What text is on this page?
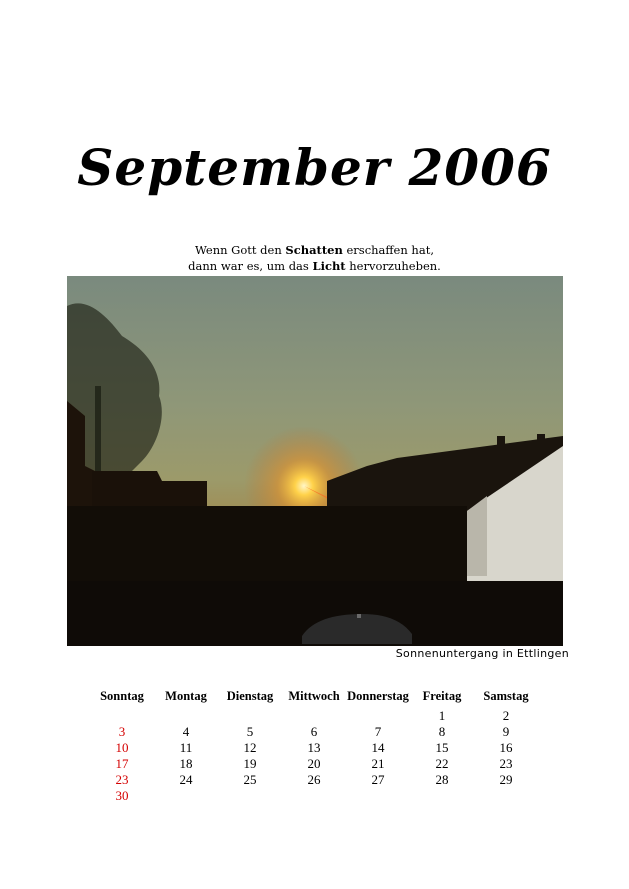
September 2006
Wenn Gott den Schatten erschaffen hat,
dann war es, um das Licht hervorzuheben.
Sonnenuntergang in Ettlingen
Sonntag	Montag	Dienstag	Mittwoch	Donnerstag	Freitag	Samstag
					1	2
3	4	5	6	7	8	9
10	11	12	13	14	15	16
17	18	19	20	21	22	23
23	24	25	26	27	28	29
30						
